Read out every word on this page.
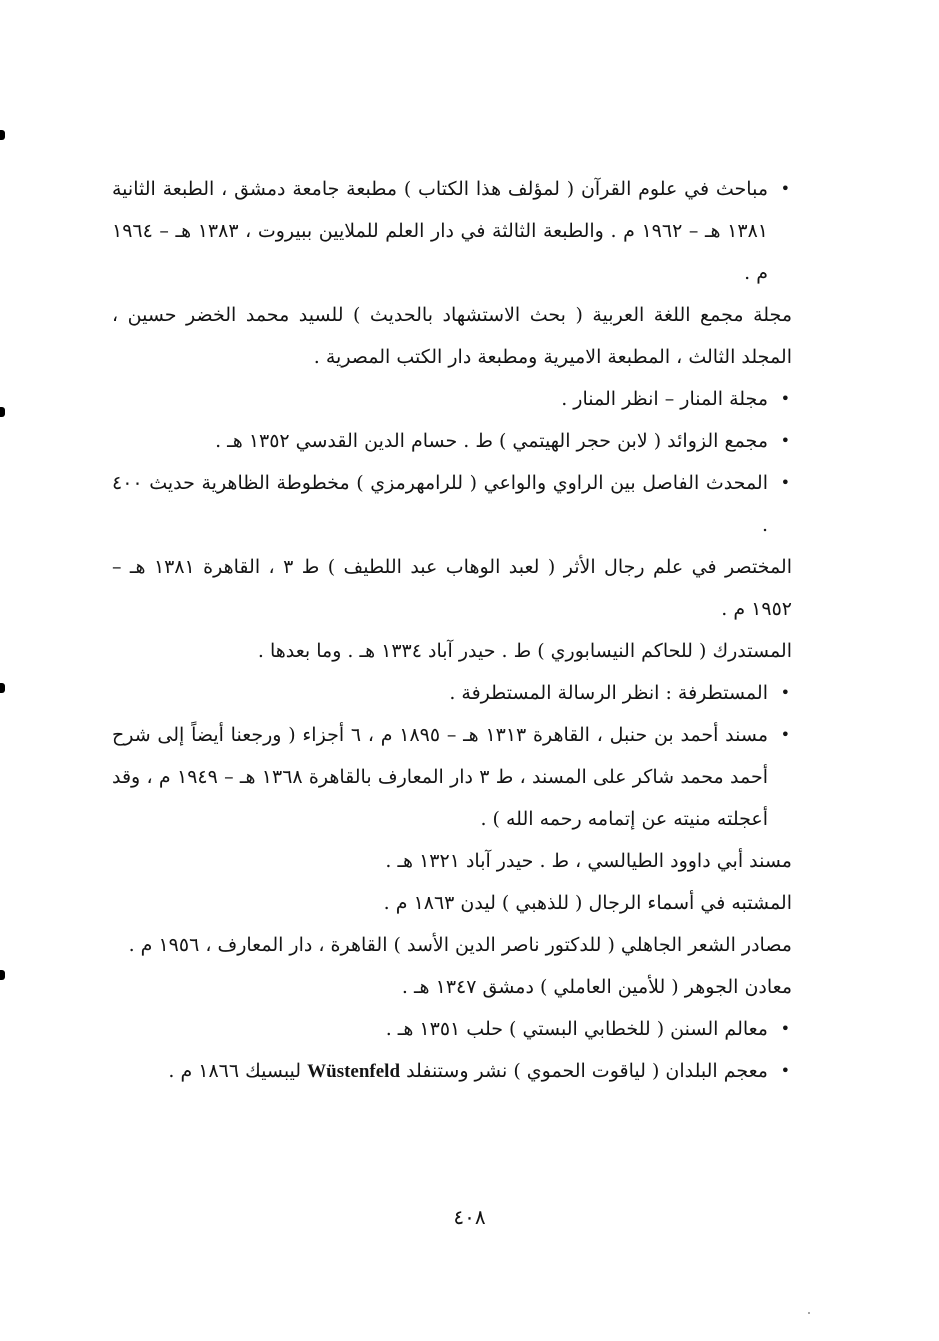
•
مباحث في علوم القرآن ( لمؤلف هذا الكتاب ) مطبعة جامعة دمشق ، الطبعة الثانية ١٣٨١ هـ – ١٩٦٢ م . والطبعة الثالثة في دار العلم للملايين ببيروت ، ١٣٨٣ هـ – ١٩٦٤ م .

مجلة مجمع اللغة العربية ( بحث الاستشهاد بالحديث ) للسيد محمد الخضر حسين ، المجلد الثالث ، المطبعة الاميرية ومطبعة دار الكتب المصرية .

•
مجلة المنار – انظر المنار .

•
مجمع الزوائد ( لابن حجر الهيتمي ) ط . حسام الدين القدسي ١٣٥٢ هـ .

•
المحدث الفاصل بين الراوي والواعي ( للرامهرمزي ) مخطوطة الظاهرية حديث ٤٠٠ .

المختصر في علم رجال الأثر ( لعبد الوهاب عبد اللطيف ) ط ٣ ، القاهرة ١٣٨١ هـ – ١٩٥٢ م .

المستدرك ( للحاكم النيسابوري ) ط . حيدر آباد ١٣٣٤ هـ . وما بعدها .

•
المستطرفة : انظر الرسالة المستطرفة .

•
مسند أحمد بن حنبل ، القاهرة ١٣١٣ هـ – ١٨٩٥ م ، ٦ أجزاء ( ورجعنا أيضاً إلى شرح أحمد محمد شاكر على المسند ، ط ٣ دار المعارف بالقاهرة ١٣٦٨ هـ – ١٩٤٩ م ، وقد أعجلته منيته عن إتمامه رحمه الله ) .

مسند أبي داوود الطيالسي ، ط . حيدر آباد ١٣٢١ هـ .

المشتبه في أسماء الرجال ( للذهبي ) ليدن ١٨٦٣ م .

مصادر الشعر الجاهلي ( للدكتور ناصر الدين الأسد ) القاهرة ، دار المعارف ، ١٩٥٦ م .

معادن الجوهر ( للأمين العاملي ) دمشق ١٣٤٧ هـ .

•
معالم السنن ( للخطابي البستي ) حلب ١٣٥١ هـ .

•
معجم البلدان ( لياقوت الحموي ) نشر وستنفلد Wüstenfeld ليبسيك ١٨٦٦ م .

٤٠٨
